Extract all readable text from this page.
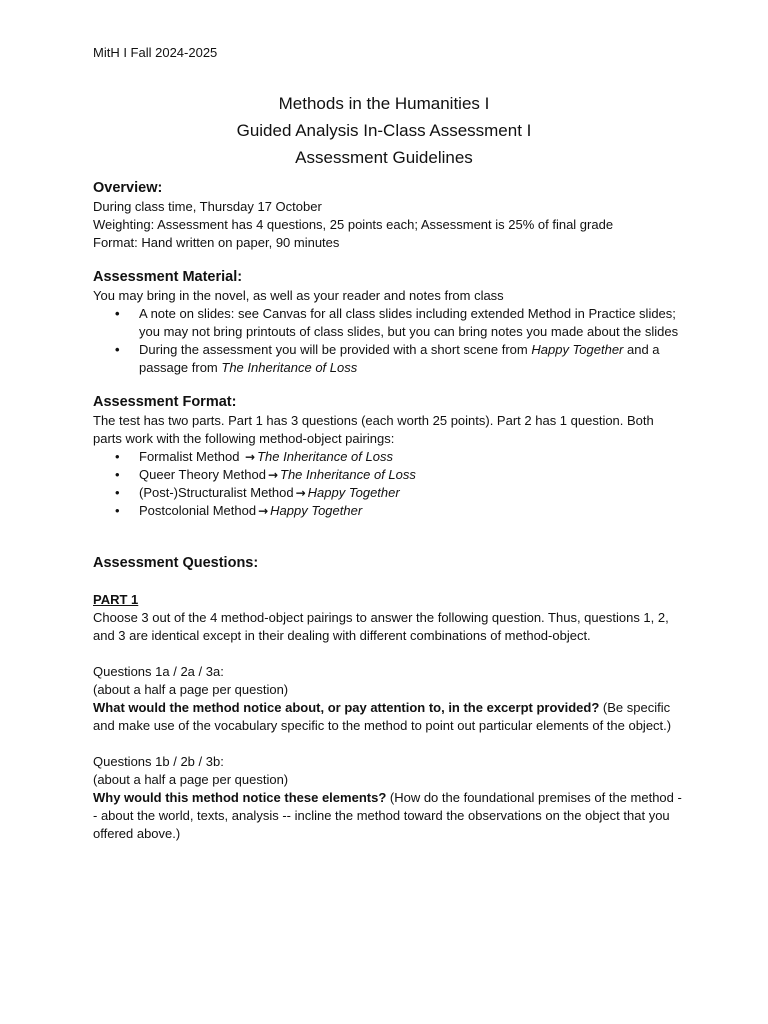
MitH I Fall 2024-2025
Methods in the Humanities I
Guided Analysis In-Class Assessment I
Assessment Guidelines
Overview:

During class time, Thursday 17 October

Weighting: Assessment has 4 questions, 25 points each; Assessment is 25% of final grade

Format: Hand written on paper, 90 minutes

Assessment Material:

You may bring in the novel, as well as your reader and notes from class

• A note on slides: see Canvas for all class slides including extended Method in Practice slides; you may not bring printouts of class slides, but you can bring notes you made about the slides
• During the assessment you will be provided with a short scene from Happy Together and a passage from The Inheritance of Loss
Assessment Format:

The test has two parts. Part 1 has 3 questions (each worth 25 points). Part 2 has 1 question. Both parts work with the following method-object pairings:

• Formalist Method → The Inheritance of Loss
• Queer Theory Method → The Inheritance of Loss
• (Post-)Structuralist Method → Happy Together
• Postcolonial Method → Happy Together
Assessment Questions:

PART 1

Choose 3 out of the 4 method-object pairings to answer the following question. Thus, questions 1, 2, and 3 are identical except in their dealing with different combinations of method-object.

Questions 1a / 2a / 3a:

(about a half a page per question)

What would the method notice about, or pay attention to, in the excerpt provided? (Be specific and make use of the vocabulary specific to the method to point out particular elements of the object.)

Questions 1b / 2b / 3b:

(about a half a page per question)

Why would this method notice these elements? (How do the foundational premises of the method -- about the world, texts, analysis -- incline the method toward the observations on the object that you offered above.)
